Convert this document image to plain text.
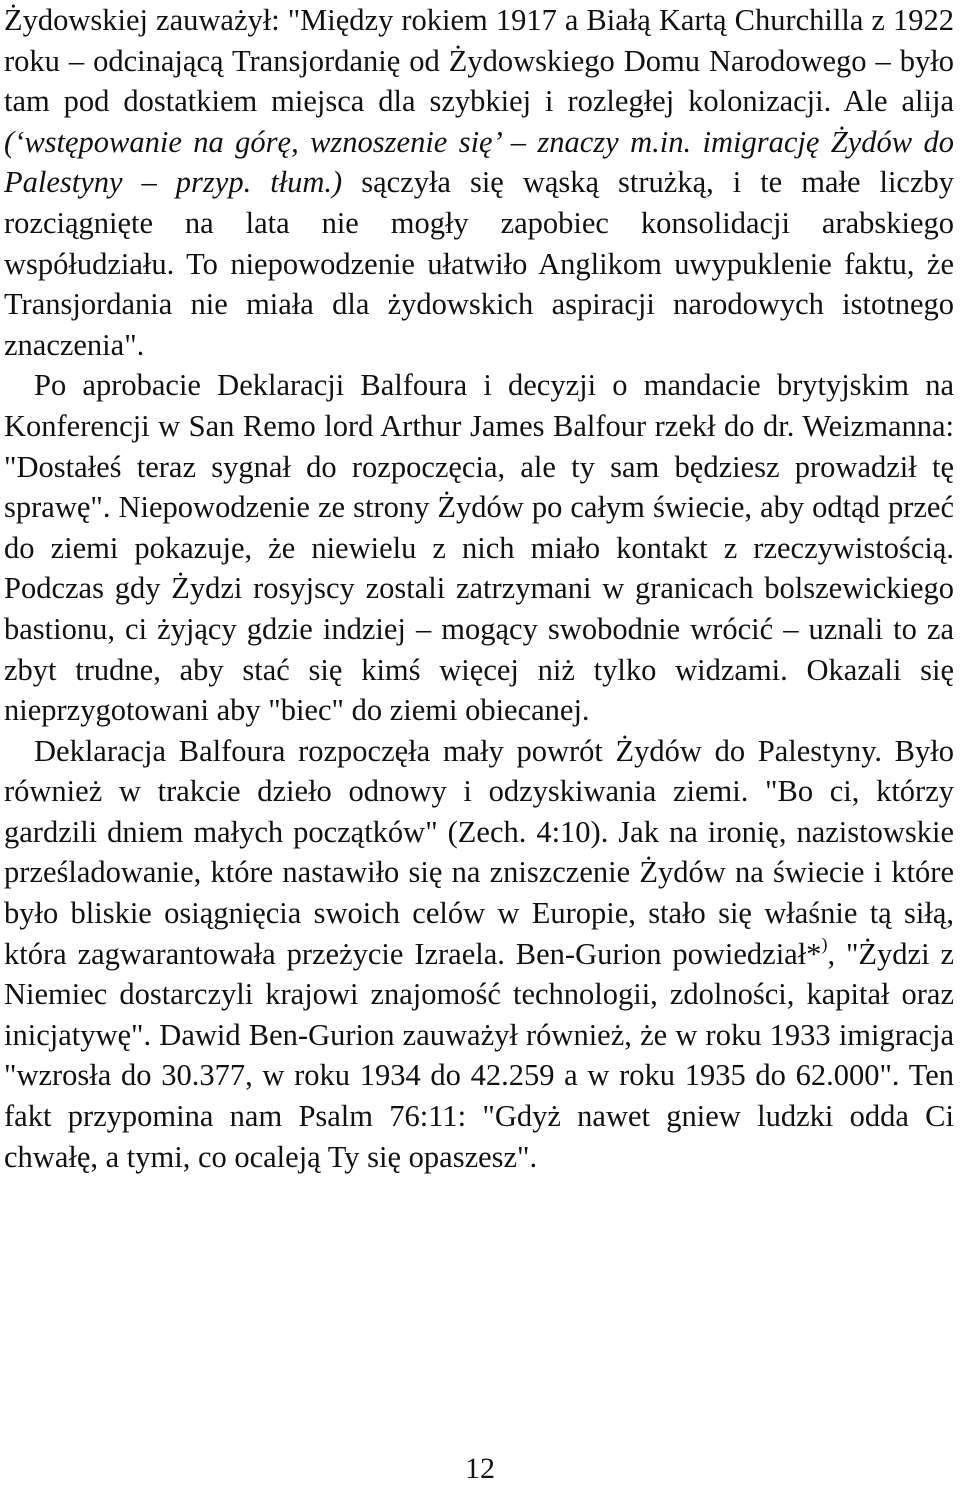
Żydowskiej zauważył: "Między rokiem 1917 a Białą Kartą Churchilla z 1922 roku – odcinającą Transjordanię od Żydowskiego Domu Narodowego – było tam pod dostatkiem miejsca dla szybkiej i rozległej kolonizacji. Ale alija (‘wstępowanie na górę, wznoszenie się’ – znaczy m.in. imigrację Żydów do Palestyny – przyp. tłum.) sączyła się wąską strużką, i te małe liczby rozciągnięte na lata nie mogły zapobiec konsolidacji arabskiego współudziału. To niepowodzenie ułatwiło Anglikom uwypuklenie faktu, że Transjordania nie miała dla żydowskich aspiracji narodowych istotnego znaczenia".

Po aprobacie Deklaracji Balfoura i decyzji o mandacie brytyjskim na Konferencji w San Remo lord Arthur James Balfour rzekł do dr. Weizmanna: "Dostałeś teraz sygnał do rozpoczęcia, ale ty sam będziesz prowadził tę sprawę". Niepowodzenie ze strony Żydów po całym świecie, aby odtąd przeć do ziemi pokazuje, że niewielu z nich miało kontakt z rzeczywistością. Podczas gdy Żydzi rosyjscy zostali zatrzymani w granicach bolszewickiego bastionu, ci żyjący gdzie indziej – mogący swobodnie wrócić – uznali to za zbyt trudne, aby stać się kimś więcej niż tylko widzami. Okazali się nieprzygotowani aby "biec" do ziemi obiecanej.

Deklaracja Balfoura rozpoczęła mały powrót Żydów do Palestyny. Było również w trakcie dzieło odnowy i odzyskiwania ziemi. "Bo ci, którzy gardzili dniem małych początków" (Zech. 4:10). Jak na ironię, nazistowskie prześladowanie, które nastawiło się na zniszczenie Żydów na świecie i które było bliskie osiągnięcia swoich celów w Europie, stało się właśnie tą siłą, która zagwarantowała przeżycie Izraela. Ben-Gurion powiedział*), "Żydzi z Niemiec dostarczyli krajowi znajomość technologii, zdolności, kapitał oraz inicjatywę". Dawid Ben-Gurion zauważył również, że w roku 1933 imigracja "wzrosła do 30.377, w roku 1934 do 42.259 a w roku 1935 do 62.000". Ten fakt przypomina nam Psalm 76:11: "Gdyż nawet gniew ludzki odda Ci chwałę, a tymi, co ocaleją Ty się opaszesz".

12
